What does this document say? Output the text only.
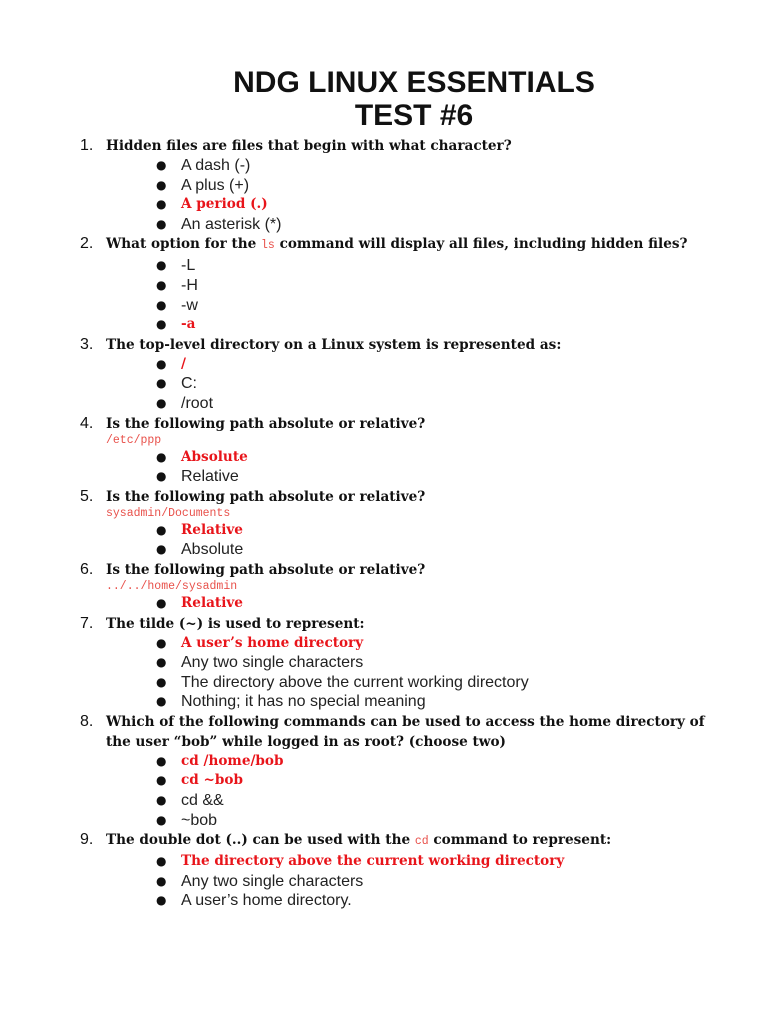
NDG LINUX ESSENTIALS
TEST #6
1. Hidden files are files that begin with what character?
● A dash (-)
● A plus (+)
● A period (.)
● An asterisk (*)
2. What option for the ls command will display all files, including hidden files?
● -L
● -H
● -w
● -a
3. The top-level directory on a Linux system is represented as:
● /
● C:
● /root
4. Is the following path absolute or relative?
/etc/ppp
● Absolute
● Relative
5. Is the following path absolute or relative?
sysadmin/Documents
● Relative
● Absolute
6. Is the following path absolute or relative?
../../home/sysadmin
● Relative
7. The tilde (~) is used to represent:
● A user’s home directory
● Any two single characters
● The directory above the current working directory
● Nothing; it has no special meaning
8. Which of the following commands can be used to access the home directory of the user “bob” while logged in as root? (choose two)
● cd /home/bob
● cd ~bob
● cd &&
● ~bob
9. The double dot (..) can be used with the cd command to represent:
● The directory above the current working directory
● Any two single characters
● A user’s home directory.
